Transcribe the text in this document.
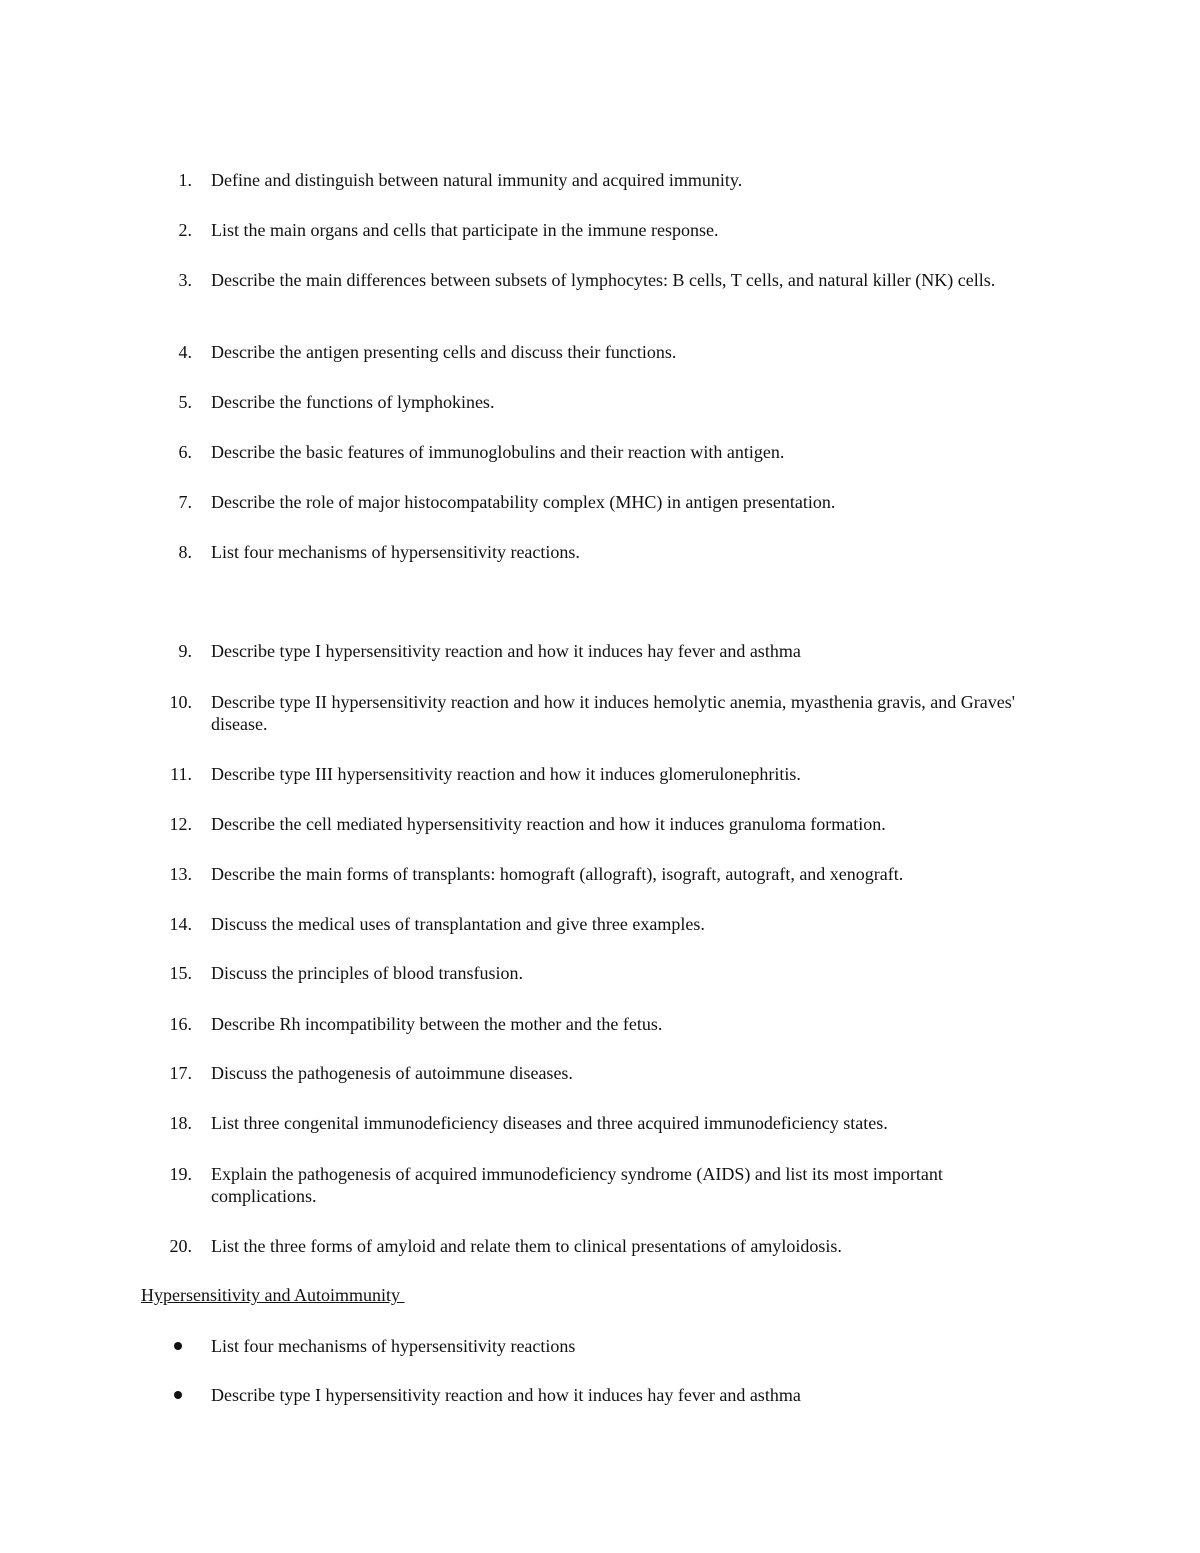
1. Define and distinguish between natural immunity and acquired immunity.
2. List the main organs and cells that participate in the immune response.
3. Describe the main differences between subsets of lymphocytes: B cells, T cells, and natural killer (NK) cells.
4. Describe the antigen presenting cells and discuss their functions.
5. Describe the functions of lymphokines.
6. Describe the basic features of immunoglobulins and their reaction with antigen.
7. Describe the role of major histocompatability complex (MHC) in antigen presentation.
8. List four mechanisms of hypersensitivity reactions.
9. Describe type I hypersensitivity reaction and how it induces hay fever and asthma
10. Describe type II hypersensitivity reaction and how it induces hemolytic anemia, myasthenia gravis, and Graves' disease.
11. Describe type III hypersensitivity reaction and how it induces glomerulonephritis.
12. Describe the cell mediated hypersensitivity reaction and how it induces granuloma formation.
13. Describe the main forms of transplants: homograft (allograft), isograft, autograft, and xenograft.
14. Discuss the medical uses of transplantation and give three examples.
15. Discuss the principles of blood transfusion.
16. Describe Rh incompatibility between the mother and the fetus.
17. Discuss the pathogenesis of autoimmune diseases.
18. List three congenital immunodeficiency diseases and three acquired immunodeficiency states.
19. Explain the pathogenesis of acquired immunodeficiency syndrome (AIDS) and list its most important complications.
20. List the three forms of amyloid and relate them to clinical presentations of amyloidosis.
Hypersensitivity and Autoimmunity
List four mechanisms of hypersensitivity reactions
Describe type I hypersensitivity reaction and how it induces hay fever and asthma
